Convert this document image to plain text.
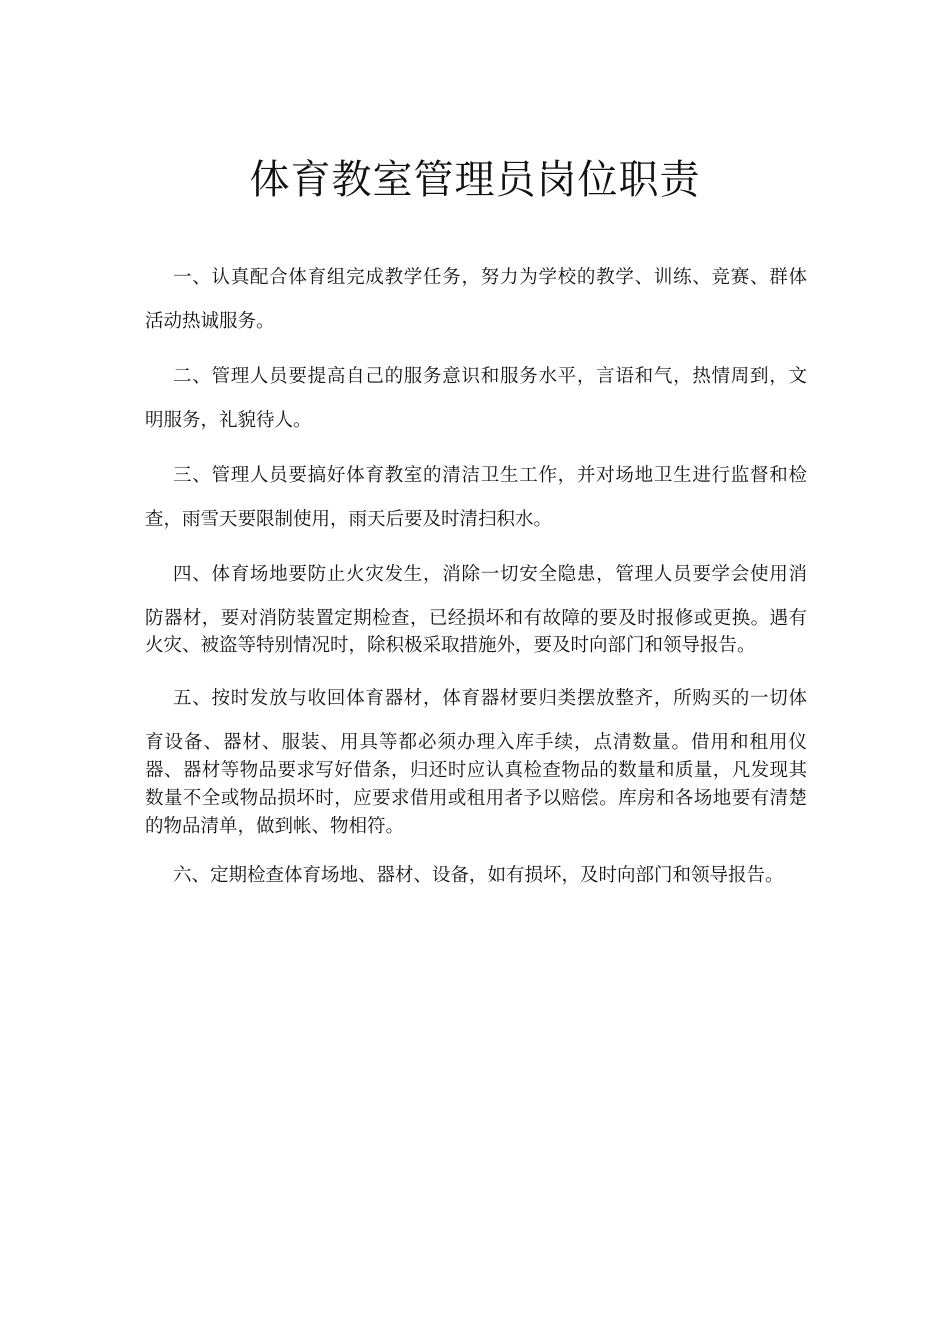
体育教室管理员岗位职责
一、认真配合体育组完成教学任务，努力为学校的教学、训练、竞赛、群体
活动热诚服务。
二、管理人员要提高自己的服务意识和服务水平，言语和气，热情周到，文
明服务，礼貌待人。
三、管理人员要搞好体育教室的清洁卫生工作，并对场地卫生进行监督和检
查，雨雪天要限制使用，雨天后要及时清扫积水。
四、体育场地要防止火灾发生，消除一切安全隐患，管理人员要学会使用消
防器材，要对消防装置定期检查，已经损坏和有故障的要及时报修或更换。遇有火灾、被盗等特别情况时，除积极采取措施外，要及时向部门和领导报告。
五、按时发放与收回体育器材，体育器材要归类摆放整齐，所购买的一切体
育设备、器材、服装、用具等都必须办理入库手续，点清数量。借用和租用仪器、器材等物品要求写好借条，归还时应认真检查物品的数量和质量，凡发现其数量不全或物品损坏时，应要求借用或租用者予以赔偿。库房和各场地要有清楚的物品清单，做到帐、物相符。
六、定期检查体育场地、器材、设备，如有损坏，及时向部门和领导报告。
